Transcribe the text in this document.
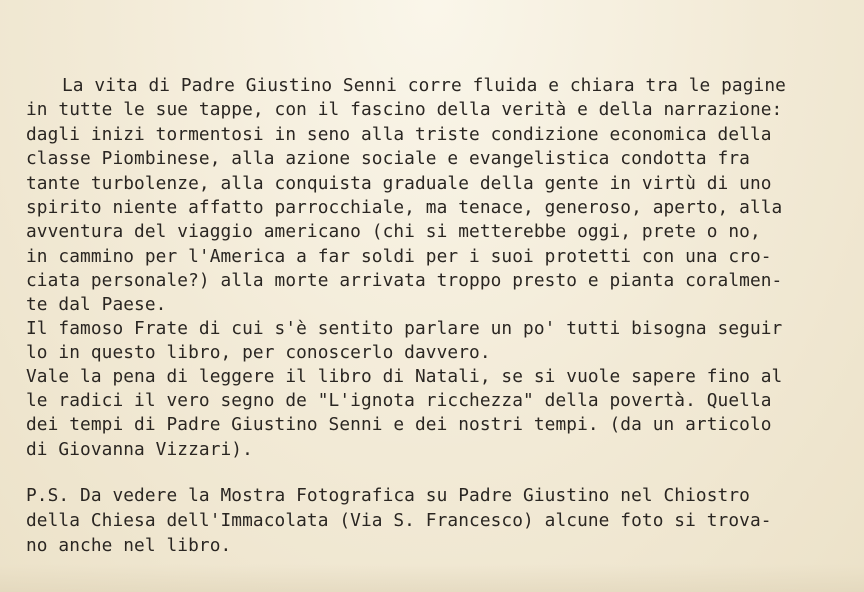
La vita di Padre Giustino Senni corre fluida e chiara tra le pagine
in tutte le sue tappe, con il fascino della verità e della narrazione:
dagli inizi tormentosi in seno alla triste condizione economica della
classe Piombinese, alla azione sociale e evangelistica condotta fra
tante turbolenze, alla conquista graduale della gente in virtù di uno
spirito niente affatto parrocchiale, ma tenace, generoso, aperto, alla
avventura del viaggio americano (chi si metterebbe oggi, prete o no,
in cammino per l'America a far soldi per i suoi protetti con una cro-
ciata personale?) alla morte arrivata troppo presto e pianta coralmen-
te dal Paese.
Il famoso Frate di cui s'è sentito parlare un po' tutti bisogna seguir
lo in questo libro, per conoscerlo davvero.
Vale la pena di leggere il libro di Natali, se si vuole sapere fino al
le radici il vero segno de "L'ignota ricchezza" della povertà. Quella
dei tempi di Padre Giustino Senni e dei nostri tempi. (da un articolo
di Giovanna Vizzari).
P.S. Da vedere la Mostra Fotografica su Padre Giustino nel Chiostro
della Chiesa dell'Immacolata (Via S. Francesco) alcune foto si trova-
no anche nel libro.
